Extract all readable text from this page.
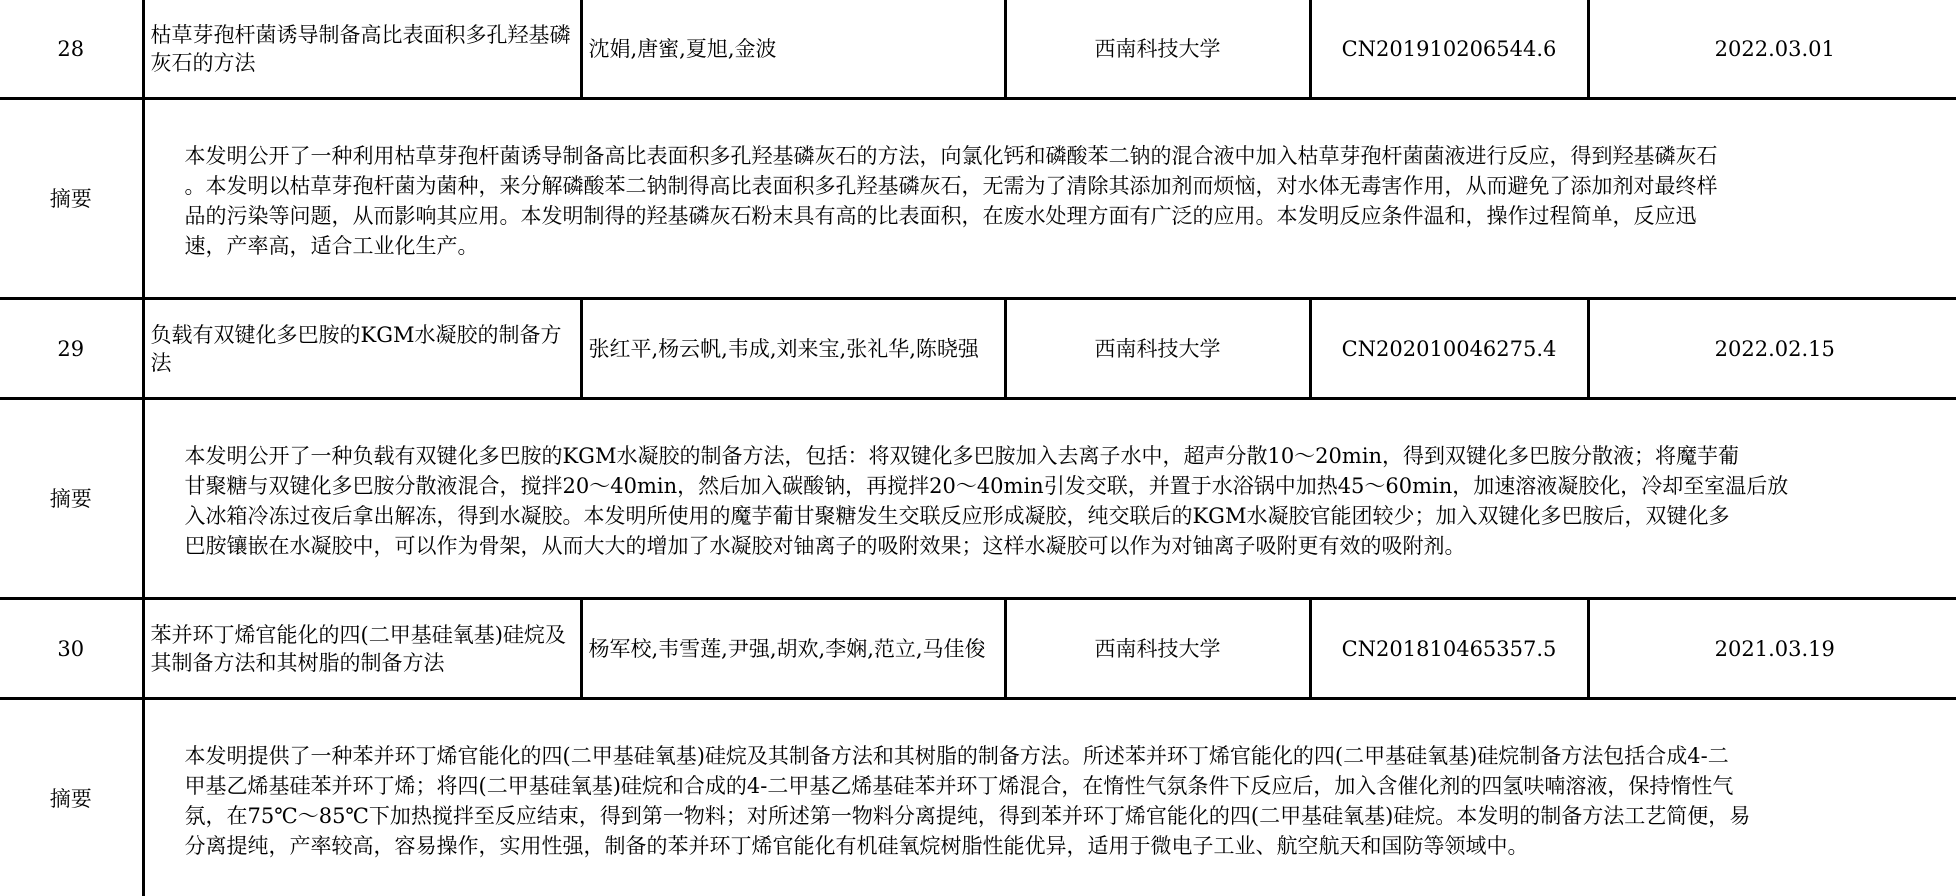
28	枯草芽孢杆菌诱导制备高比表面积多孔羟基磷灰石的方法	沈娟,唐蜜,夏旭,金波	西南科技大学	CN201910206544.6	2022.03.01
摘要	本发明公开了一种利用枯草芽孢杆菌诱导制备高比表面积多孔羟基磷灰石的方法，向氯化钙和磷酸苯二钠的混合液中加入枯草芽孢杆菌菌液进行反应，得到羟基磷灰石
。本发明以枯草芽孢杆菌为菌种，来分解磷酸苯二钠制得高比表面积多孔羟基磷灰石，无需为了清除其添加剂而烦恼，对水体无毒害作用，从而避免了添加剂对最终样
品的污染等问题，从而影响其应用。本发明制得的羟基磷灰石粉末具有高的比表面积，在废水处理方面有广泛的应用。本发明反应条件温和，操作过程简单，反应迅
速，产率高，适合工业化生产。				

29	负载有双键化多巴胺的KGM水凝胶的制备方法	张红平,杨云帆,韦成,刘来宝,张礼华,陈晓强	西南科技大学	CN202010046275.4	2022.02.15
摘要	本发明公开了一种负载有双键化多巴胺的KGM水凝胶的制备方法，包括：将双键化多巴胺加入去离子水中，超声分散10～20min，得到双键化多巴胺分散液；将魔芋葡
甘聚糖与双键化多巴胺分散液混合，搅拌20～40min，然后加入碳酸钠，再搅拌20～40min引发交联，并置于水浴锅中加热45～60min，加速溶液凝胶化，冷却至室温后放
入冰箱冷冻过夜后拿出解冻，得到水凝胶。本发明所使用的魔芋葡甘聚糖发生交联反应形成凝胶，纯交联后的KGM水凝胶官能团较少；加入双键化多巴胺后，双键化多
巴胺镶嵌在水凝胶中，可以作为骨架，从而大大的增加了水凝胶对铀离子的吸附效果；这样水凝胶可以作为对铀离子吸附更有效的吸附剂。				

30	苯并环丁烯官能化的四(二甲基硅氧基)硅烷及其制备方法和其树脂的制备方法	杨军校,韦雪莲,尹强,胡欢,李娴,范立,马佳俊	西南科技大学	CN201810465357.5	2021.03.19
摘要	本发明提供了一种苯并环丁烯官能化的四(二甲基硅氧基)硅烷及其制备方法和其树脂的制备方法。所述苯并环丁烯官能化的四(二甲基硅氧基)硅烷制备方法包括合成4-二
甲基乙烯基硅苯并环丁烯；将四(二甲基硅氧基)硅烷和合成的4-二甲基乙烯基硅苯并环丁烯混合，在惰性气氛条件下反应后，加入含催化剂的四氢呋喃溶液，保持惰性气
氛，在75℃～85℃下加热搅拌至反应结束，得到第一物料；对所述第一物料分离提纯，得到苯并环丁烯官能化的四(二甲基硅氧基)硅烷。本发明的制备方法工艺简便，易
分离提纯，产率较高，容易操作，实用性强，制备的苯并环丁烯官能化有机硅氧烷树脂性能优异，适用于微电子工业、航空航天和国防等领域中。				
